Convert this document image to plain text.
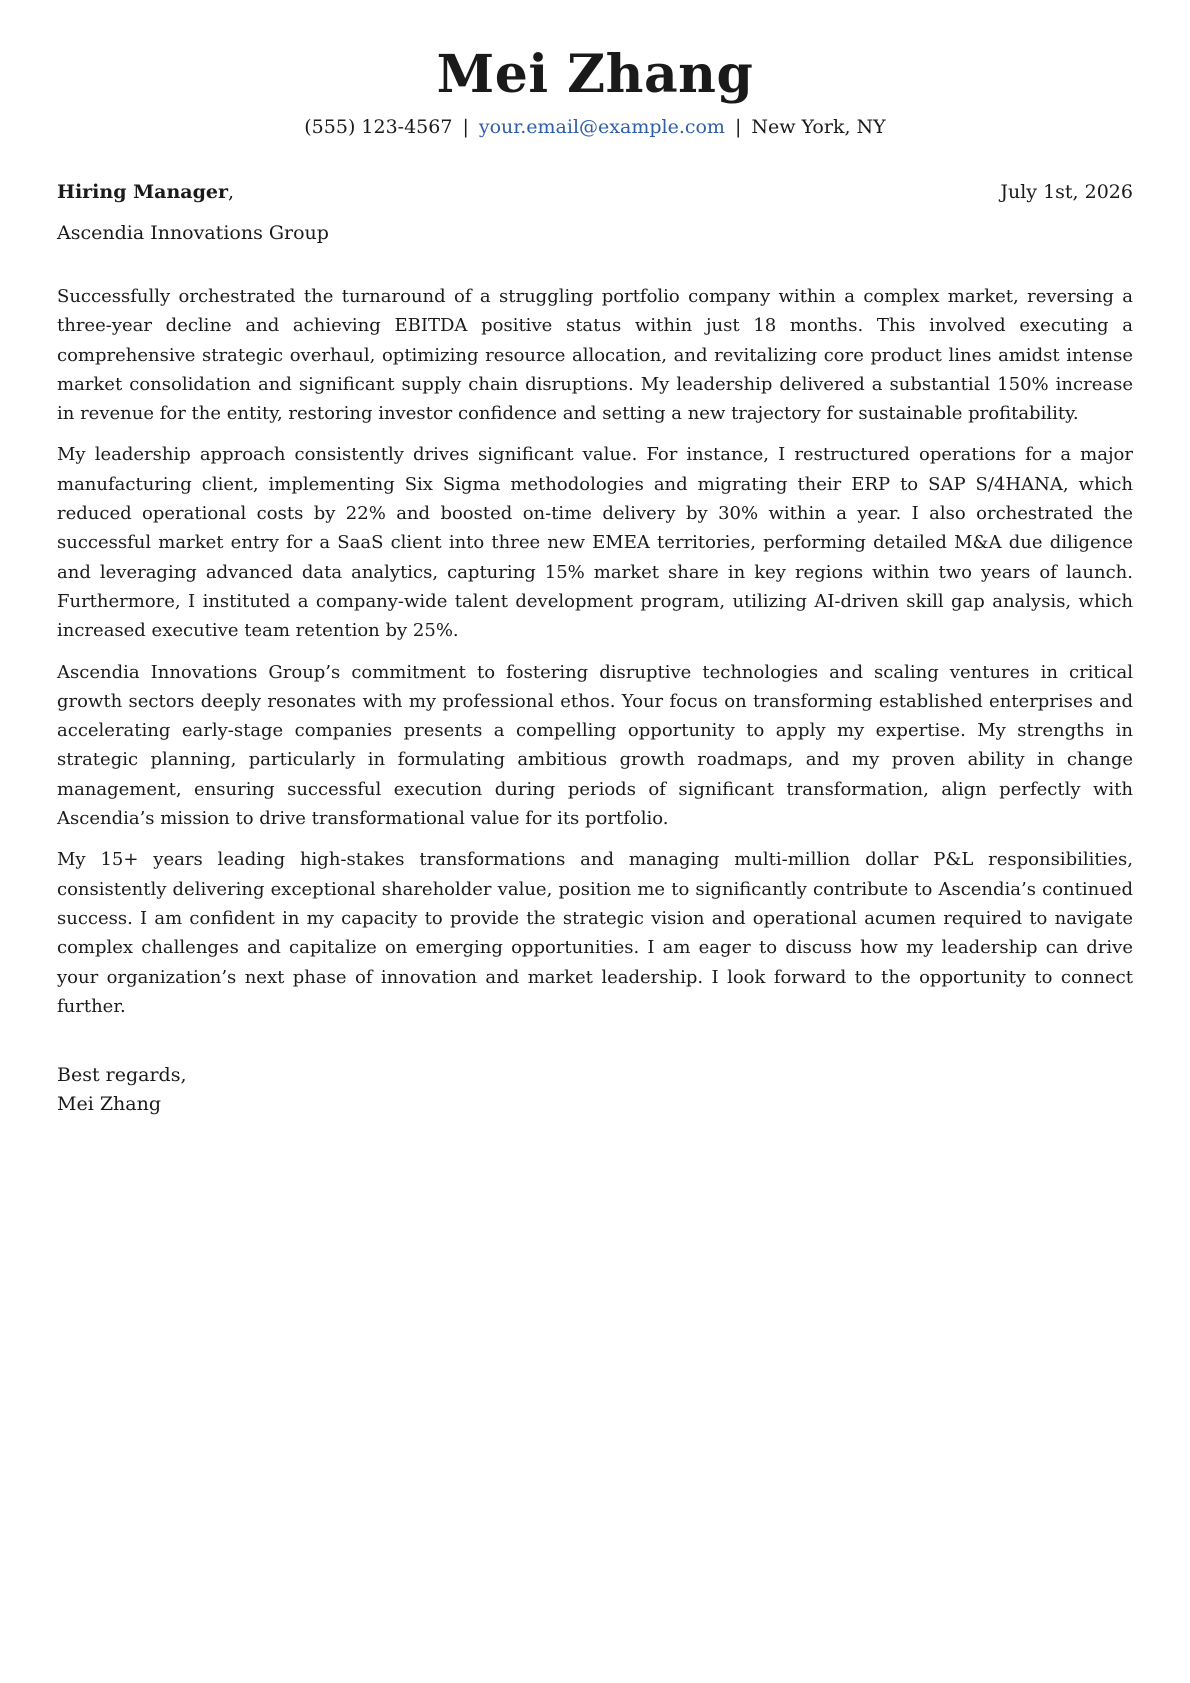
Mei Zhang
(555) 123-4567 | your.email@example.com | New York, NY
Hiring Manager,	July 1st, 2026
Ascendia Innovations Group

Successfully orchestrated the turnaround of a struggling portfolio company within a complex market, reversing a three-year decline and achieving EBITDA positive status within just 18 months. This involved executing a comprehensive strategic overhaul, optimizing resource allocation, and revitalizing core product lines amidst intense market consolidation and significant supply chain disruptions. My leadership delivered a substantial 150% increase in revenue for the entity, restoring investor confidence and setting a new trajectory for sustainable profitability.

My leadership approach consistently drives significant value. For instance, I restructured operations for a major manufacturing client, implementing Six Sigma methodologies and migrating their ERP to SAP S/4HANA, which reduced operational costs by 22% and boosted on-time delivery by 30% within a year. I also orchestrated the successful market entry for a SaaS client into three new EMEA territories, performing detailed M&A due diligence and leveraging advanced data analytics, capturing 15% market share in key regions within two years of launch. Furthermore, I instituted a company-wide talent development program, utilizing AI-driven skill gap analysis, which increased executive team retention by 25%.

Ascendia Innovations Group’s commitment to fostering disruptive technologies and scaling ventures in critical growth sectors deeply resonates with my professional ethos. Your focus on transforming established enterprises and accelerating early-stage companies presents a compelling opportunity to apply my expertise. My strengths in strategic planning, particularly in formulating ambitious growth roadmaps, and my proven ability in change management, ensuring successful execution during periods of significant transformation, align perfectly with Ascendia’s mission to drive transformational value for its portfolio.

My 15+ years leading high-stakes transformations and managing multi-million dollar P&L responsibilities, consistently delivering exceptional shareholder value, position me to significantly contribute to Ascendia’s continued success. I am confident in my capacity to provide the strategic vision and operational acumen required to navigate complex challenges and capitalize on emerging opportunities. I am eager to discuss how my leadership can drive your organization’s next phase of innovation and market leadership. I look forward to the opportunity to connect further.

Best regards,
Mei Zhang
